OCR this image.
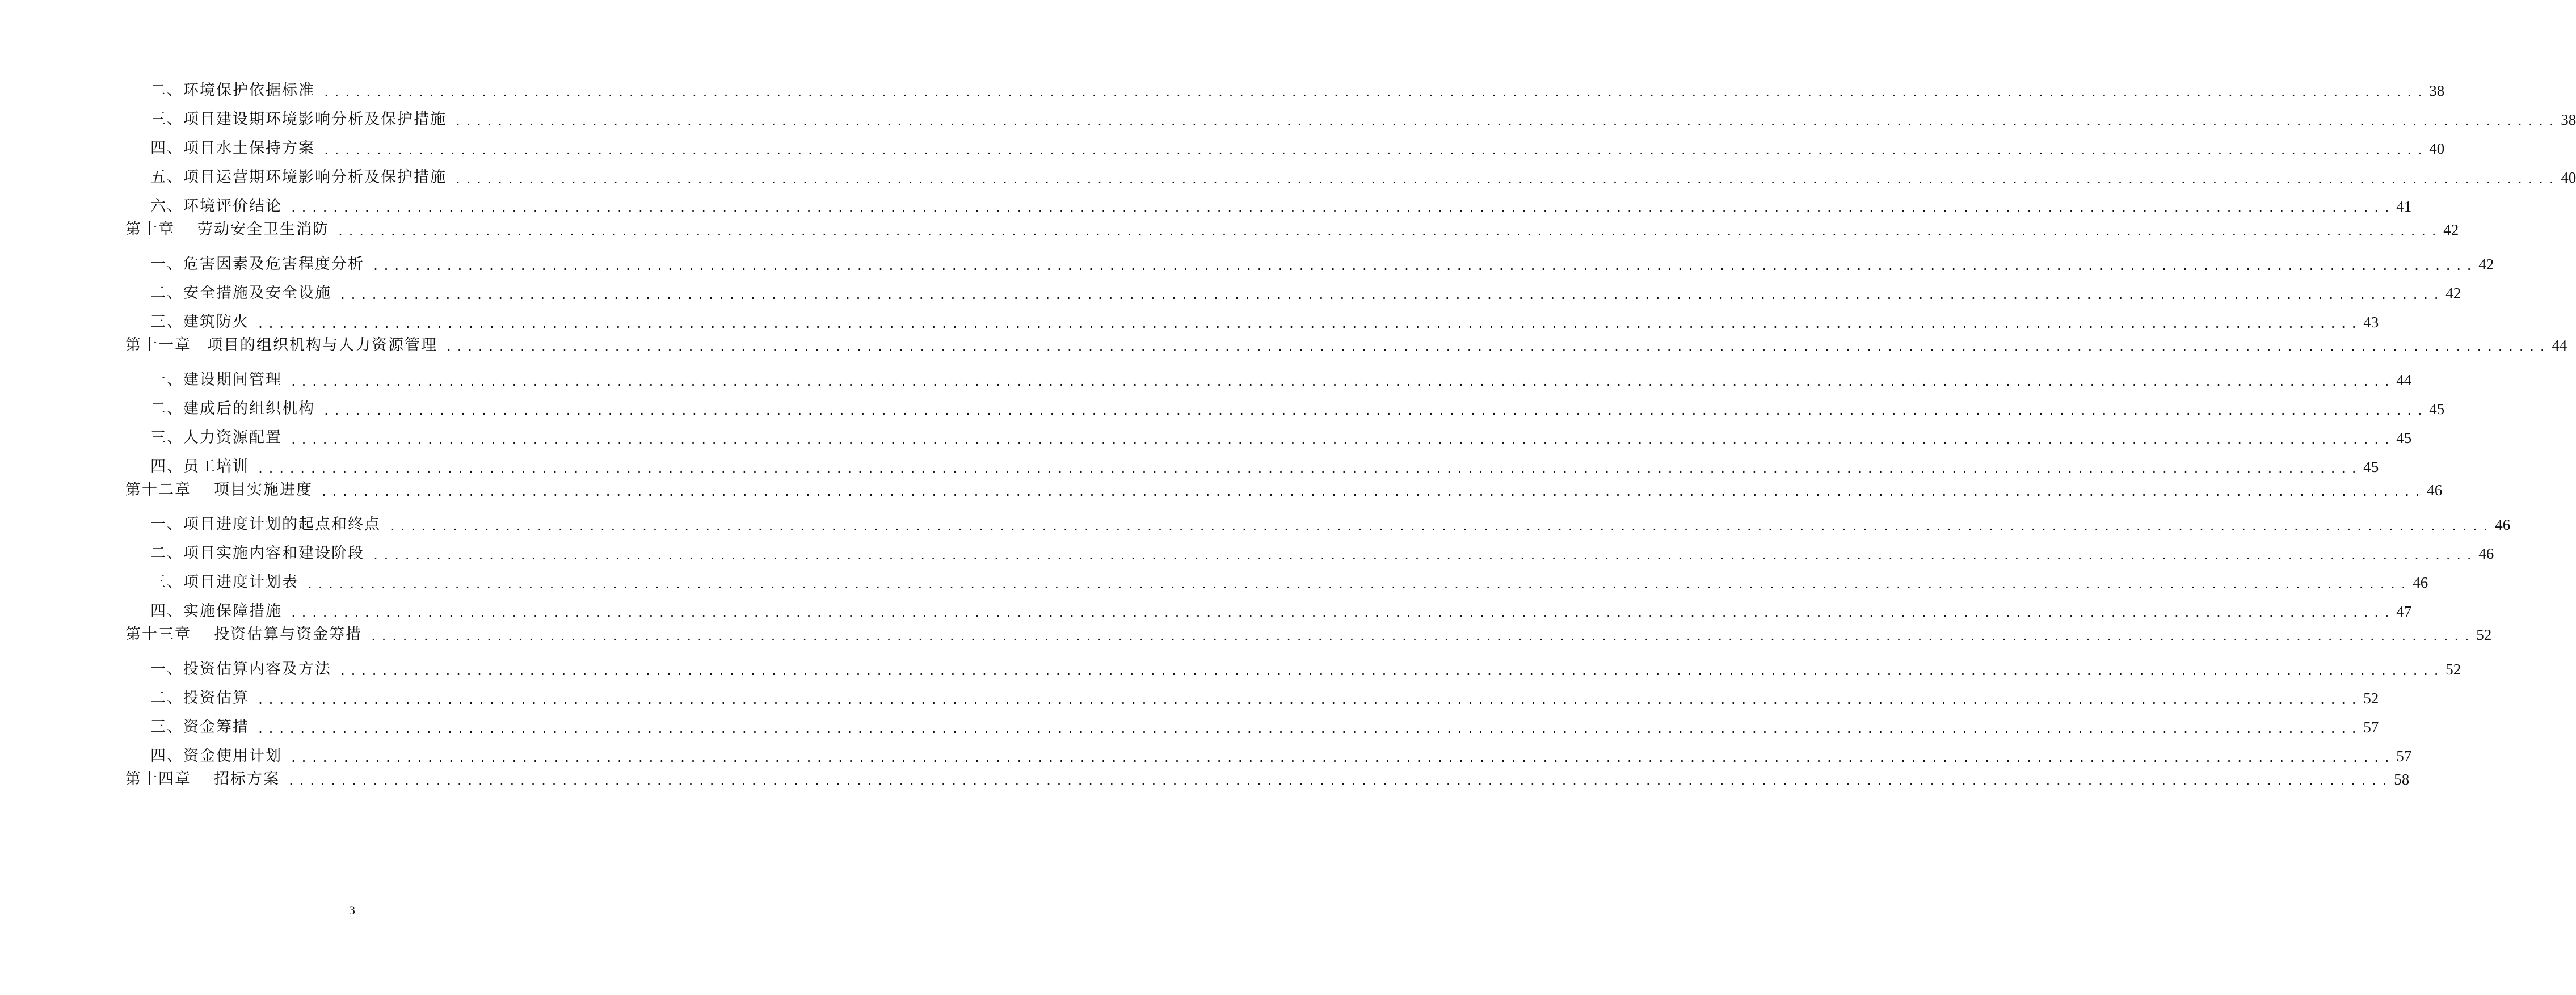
二、环境保护依据标准 ........................................................................................................................................................................................................ 38
三、项目建设期环境影响分析及保护措施 ........................................................................................................................................................................................................ 38
四、项目水土保持方案 ........................................................................................................................................................................................................ 40
五、项目运营期环境影响分析及保护措施 ........................................................................................................................................................................................................ 40
六、环境评价结论 ........................................................................................................................................................................................................ 41
第十章 劳动安全卫生消防 ........................................................................................................................................................................................................ 42
一、危害因素及危害程度分析 ........................................................................................................................................................................................................ 42
二、安全措施及安全设施 ........................................................................................................................................................................................................ 42
三、建筑防火 ........................................................................................................................................................................................................ 43
第十一章 项目的组织机构与人力资源管理 ........................................................................................................................................................................................................ 44
一、建设期间管理 ........................................................................................................................................................................................................ 44
二、建成后的组织机构 ........................................................................................................................................................................................................ 45
三、人力资源配置 ........................................................................................................................................................................................................ 45
四、员工培训 ........................................................................................................................................................................................................ 45
第十二章 项目实施进度 ........................................................................................................................................................................................................ 46
一、项目进度计划的起点和终点 ........................................................................................................................................................................................................ 46
二、项目实施内容和建设阶段 ........................................................................................................................................................................................................ 46
三、项目进度计划表 ........................................................................................................................................................................................................ 46
四、实施保障措施 ........................................................................................................................................................................................................ 47
第十三章 投资估算与资金筹措 ........................................................................................................................................................................................................ 52
一、投资估算内容及方法 ........................................................................................................................................................................................................ 52
二、投资估算 ........................................................................................................................................................................................................ 52
三、资金筹措 ........................................................................................................................................................................................................ 57
四、资金使用计划 ........................................................................................................................................................................................................ 57
第十四章 招标方案 ........................................................................................................................................................................................................ 58
3
